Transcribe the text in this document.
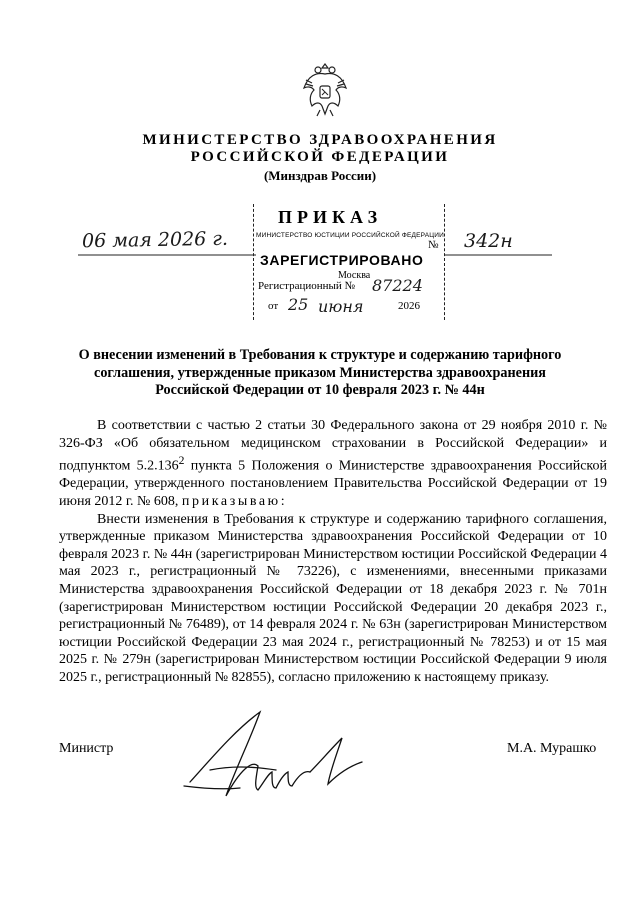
МИНИСТЕРСТВО ЗДРАВООХРАНЕНИЯ
РОССИЙСКОЙ ФЕДЕРАЦИИ
(Минздрав России)
06 мая 2026 г.	342н
ПРИКАЗ
МИНИСТЕРСТВО ЮСТИЦИИ РОССИЙСКОЙ ФЕДЕРАЦИИ
№
ЗАРЕГИСТРИРОВАНО
Москва
Регистрационный № 87224
от 25 июня	2026
О внесении изменений в Требования к структуре и содержанию тарифного соглашения, утвержденные приказом Министерства здравоохранения Российской Федерации от 10 февраля 2023 г. № 44н

В соответствии с частью 2 статьи 30 Федерального закона от 29 ноября 2010 г. № 326-ФЗ «Об обязательном медицинском страховании в Российской Федерации» и подпунктом 5.2.136$^2$ пункта 5 Положения о Министерстве здравоохранения Российской Федерации, утвержденного постановлением Правительства Российской Федерации от 19 июня 2012 г. № 608, приказываю:

Внести изменения в Требования к структуре и содержанию тарифного соглашения, утвержденные приказом Министерства здравоохранения Российской Федерации от 10 февраля 2023 г. № 44н (зарегистрирован Министерством юстиции Российской Федерации 4 мая 2023 г., регистрационный № 73226), с изменениями, внесенными приказами Министерства здравоохранения Российской Федерации от 18 декабря 2023 г. № 701н (зарегистрирован Министерством юстиции Российской Федерации 20 декабря 2023 г., регистрационный № 76489), от 14 февраля 2024 г. № 63н (зарегистрирован Министерством юстиции Российской Федерации 23 мая 2024 г., регистрационный № 78253) и от 15 мая 2025 г. № 279н (зарегистрирован Министерством юстиции Российской Федерации 9 июля 2025 г., регистрационный № 82855), согласно приложению к настоящему приказу.

Министр	М.А. Мурашко
